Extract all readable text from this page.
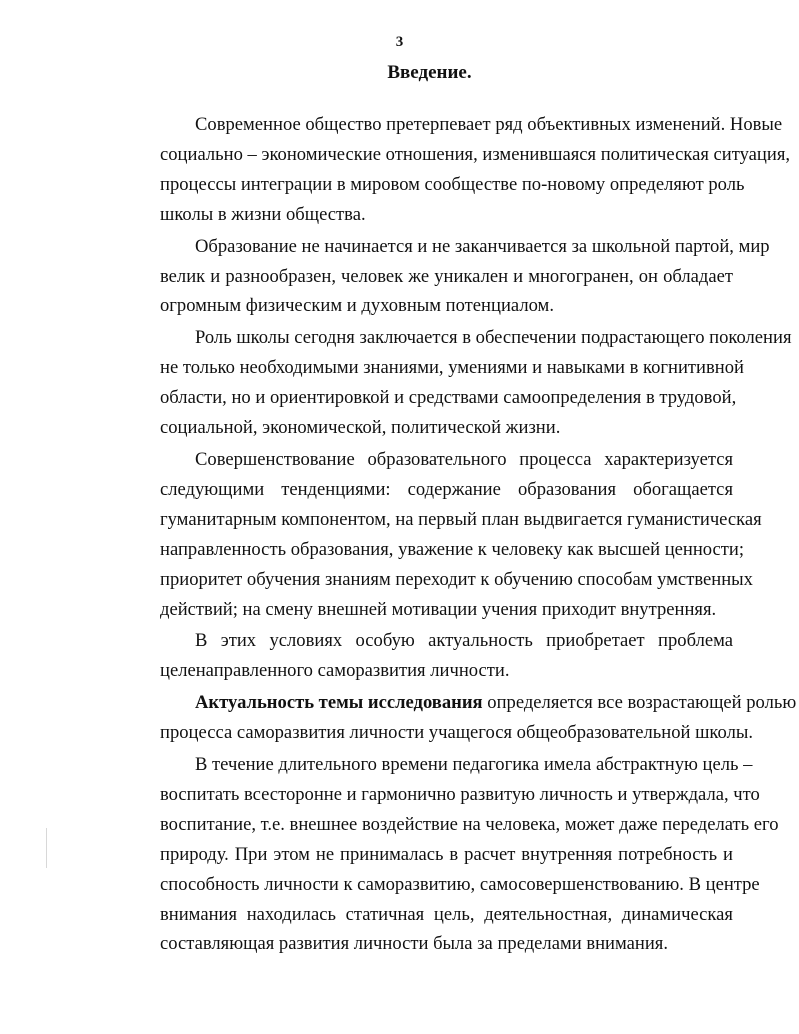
3
Введение.
Современное общество претерпевает ряд объективных изменений. Новые
социально – экономические отношения, изменившаяся политическая ситуация,
процессы интеграции в мировом сообществе по-новому определяют роль
школы в жизни общества.
Образование не начинается и не заканчивается за школьной партой, мир
велик и разнообразен, человек же уникален и многогранен, он обладает
огромным физическим и духовным потенциалом.
Роль школы сегодня заключается в обеспечении подрастающего поколения
не только необходимыми знаниями, умениями и навыками в когнитивной
области, но и ориентировкой и средствами самоопределения в трудовой,
социальной, экономической, политической жизни.
Совершенствование образовательного процесса характеризуется
следующими тенденциями: содержание образования обогащается
гуманитарным компонентом, на первый план выдвигается гуманистическая
направленность образования, уважение к человеку как высшей ценности;
приоритет обучения знаниям переходит к обучению способам умственных
действий; на смену внешней мотивации учения приходит внутренняя.
В этих условиях особую актуальность приобретает проблема
целенаправленного саморазвития личности.
Актуальность темы исследования определяется все возрастающей ролью
процесса саморазвития личности учащегося общеобразовательной школы.
В течение длительного времени педагогика имела абстрактную цель –
воспитать всесторонне и гармонично развитую личность и утверждала, что
воспитание, т.е. внешнее воздействие на человека, может даже переделать его
природу. При этом не принималась в расчет внутренняя потребность и
способность личности к саморазвитию, самосовершенствованию. В центре
внимания находилась статичная цель, деятельностная, динамическая
составляющая развития личности была за пределами внимания.
